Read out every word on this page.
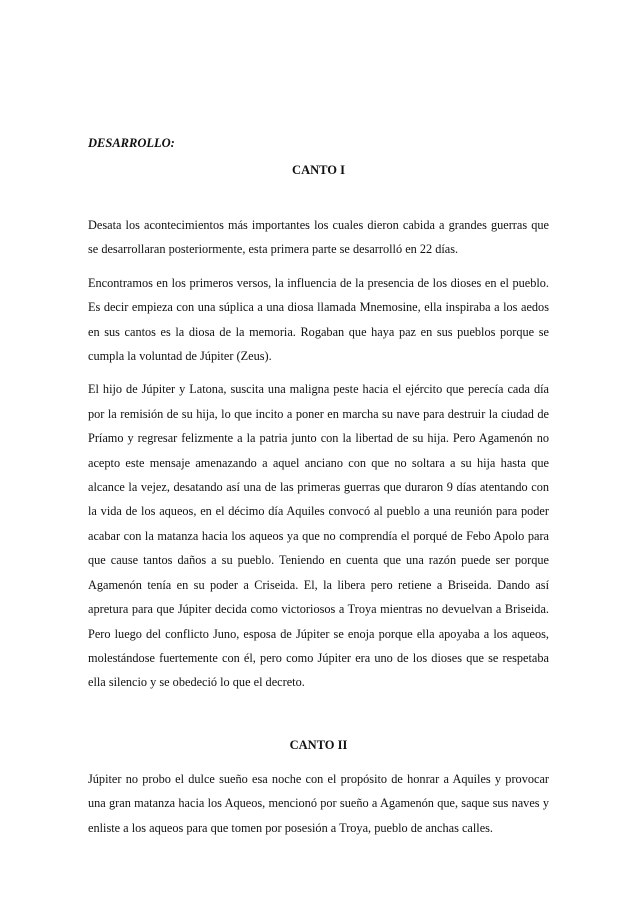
DESARROLLO:
CANTO I

Desata los acontecimientos más importantes los cuales dieron cabida a grandes guerras que se desarrollaran posteriormente, esta primera parte se desarrolló en 22 días.

Encontramos en los primeros versos, la influencia de la presencia de los dioses en el pueblo. Es decir empieza con una súplica a una diosa llamada Mnemosine, ella inspiraba a los aedos en sus cantos es la diosa de la memoria. Rogaban que haya paz en sus pueblos porque se cumpla la voluntad de Júpiter (Zeus).

El hijo de Júpiter y Latona, suscita una maligna peste hacia el ejército que perecía cada día por la remisión de su hija, lo que incito a poner en marcha su nave para destruir la ciudad de Príamo y regresar felizmente a la patria junto con la libertad de su hija. Pero Agamenón no acepto este mensaje amenazando a aquel anciano con que no soltara a su hija hasta que alcance la vejez, desatando así una de las primeras guerras que duraron 9 días atentando con la vida de los aqueos, en el décimo día Aquiles convocó al pueblo a una reunión para poder acabar con la matanza hacia los aqueos ya que no comprendía el porqué de Febo Apolo para que cause tantos daños a su pueblo. Teniendo en cuenta que una razón puede ser porque Agamenón tenía en su poder a Criseida. El, la libera pero retiene a Briseida. Dando así apretura para que Júpiter decida como victoriosos a Troya mientras no devuelvan a Briseida. Pero luego del conflicto Juno, esposa de Júpiter se enoja porque ella apoyaba a los aqueos, molestándose fuertemente con él, pero como Júpiter era uno de los dioses que se respetaba ella silencio y se obedeció lo que el decreto.

CANTO II

Júpiter no probo el dulce sueño esa noche con el propósito de honrar a Aquiles y provocar una gran matanza hacia los Aqueos, mencionó por sueño a Agamenón que, saque sus naves y enliste a los aqueos para que tomen por posesión a Troya, pueblo de anchas calles.
